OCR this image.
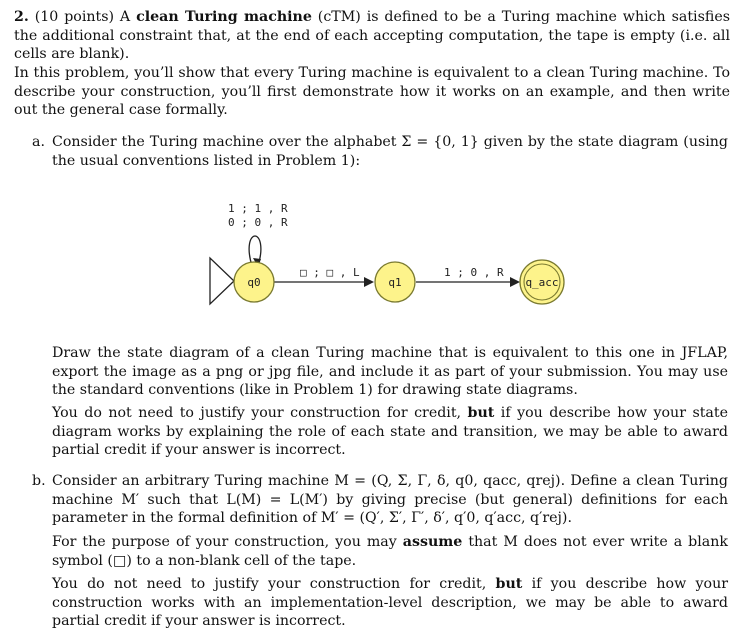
2. (10 points) A clean Turing machine (cTM) is defined to be a Turing machine which satisfies the additional constraint that, at the end of each accepting computation, the tape is empty (i.e. all cells are blank).

In this problem, you’ll show that every Turing machine is equivalent to a clean Turing machine. To describe your construction, you’ll first demonstrate how it works on an example, and then write out the general case formally.

a. Consider the Turing machine over the alphabet Σ = {0, 1} given by the state diagram (using the usual conventions listed in Problem 1):

1 ; 1 , R
0 ; 0 , R
□ ; □ , L	1 ; 0 , R
q0	q1	q_acc

Draw the state diagram of a clean Turing machine that is equivalent to this one in JFLAP, export the image as a png or jpg file, and include it as part of your submission. You may use the standard conventions (like in Problem 1) for drawing state diagrams.

You do not need to justify your construction for credit, but if you describe how your state diagram works by explaining the role of each state and transition, we may be able to award partial credit if your answer is incorrect.

b. Consider an arbitrary Turing machine M = (Q, Σ, Γ, δ, q0, qacc, qrej). Define a clean Turing machine M′ such that L(M) = L(M′) by giving precise (but general) definitions for each parameter in the formal definition of M′ = (Q′, Σ′, Γ′, δ′, q′0, q′acc, q′rej).

For the purpose of your construction, you may assume that M does not ever write a blank symbol (□) to a non-blank cell of the tape.

You do not need to justify your construction for credit, but if you describe how your construction works with an implementation-level description, we may be able to award partial credit if your answer is incorrect.
